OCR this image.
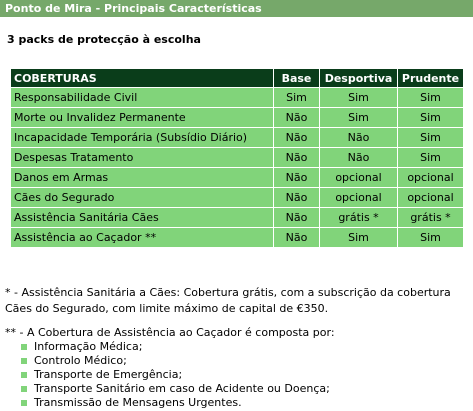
Ponto de Mira - Principais Características
3 packs de protecção à escolha
COBERTURAS	Base	Desportiva	Prudente
Responsabilidade Civil	Sim	Sim	Sim
Morte ou Invalidez Permanente	Não	Sim	Sim
Incapacidade Temporária (Subsídio Diário)	Não	Não	Sim
Despesas Tratamento	Não	Não	Sim
Danos em Armas	Não	opcional	opcional
Cães do Segurado	Não	opcional	opcional
Assistência Sanitária Cães	Não	grátis *	grátis *
Assistência ao Caçador **	Não	Sim	Sim
* - Assistência Sanitária a Cães: Cobertura grátis, com a subscrição da cobertura Cães do Segurado, com limite máximo de capital de €350.
** - A Cobertura de Assistência ao Caçador é composta por:
Informação Médica;
Controlo Médico;
Transporte de Emergência;
Transporte Sanitário em caso de Acidente ou Doença;
Transmissão de Mensagens Urgentes.
